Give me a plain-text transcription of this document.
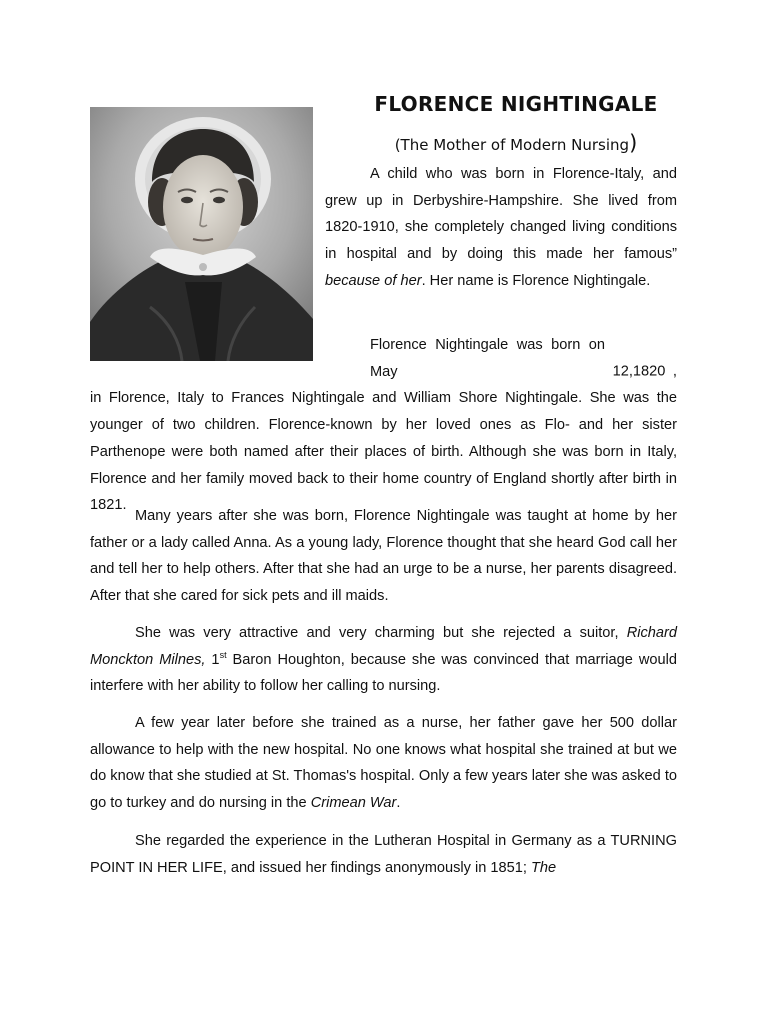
FLORENCE NIGHTINGALE
(The Mother of Modern Nursing)

A child who was born in Florence-Italy, and grew up in Derbyshire-Hampshire. She lived from 1820-1910, she completely changed living conditions in hospital and by doing this made her famous” because of her. Her name is Florence Nightingale.

Florence Nightingale was born on May	12,1820 , in Florence, Italy to Frances Nightingale and William Shore Nightingale. She was the younger of two children. Florence-known by her loved ones as Flo- and her sister Parthenope were both named after their places of birth. Although she was born in Italy, Florence and her family moved back to their home country of England shortly after birth in 1821.

Many years after she was born, Florence Nightingale was taught at home by her father or a lady called Anna. As a young lady, Florence thought that she heard God call her and tell her to help others. After that she had an urge to be a nurse, her parents disagreed. After that she cared for sick pets and ill maids.

She was very attractive and very charming but she rejected a suitor, Richard Monckton Milnes, 1st Baron Houghton, because she was convinced that marriage would interfere with her ability to follow her calling to nursing.

A few year later before she trained as a nurse, her father gave her 500 dollar allowance to help with the new hospital. No one knows what hospital she trained at but we do know that she studied at St. Thomas's hospital. Only a few years later she was asked to go to turkey and do nursing in the Crimean War.

She regarded the experience in the Lutheran Hospital in Germany as a TURNING POINT IN HER LIFE, and issued her findings anonymously in 1851; The
